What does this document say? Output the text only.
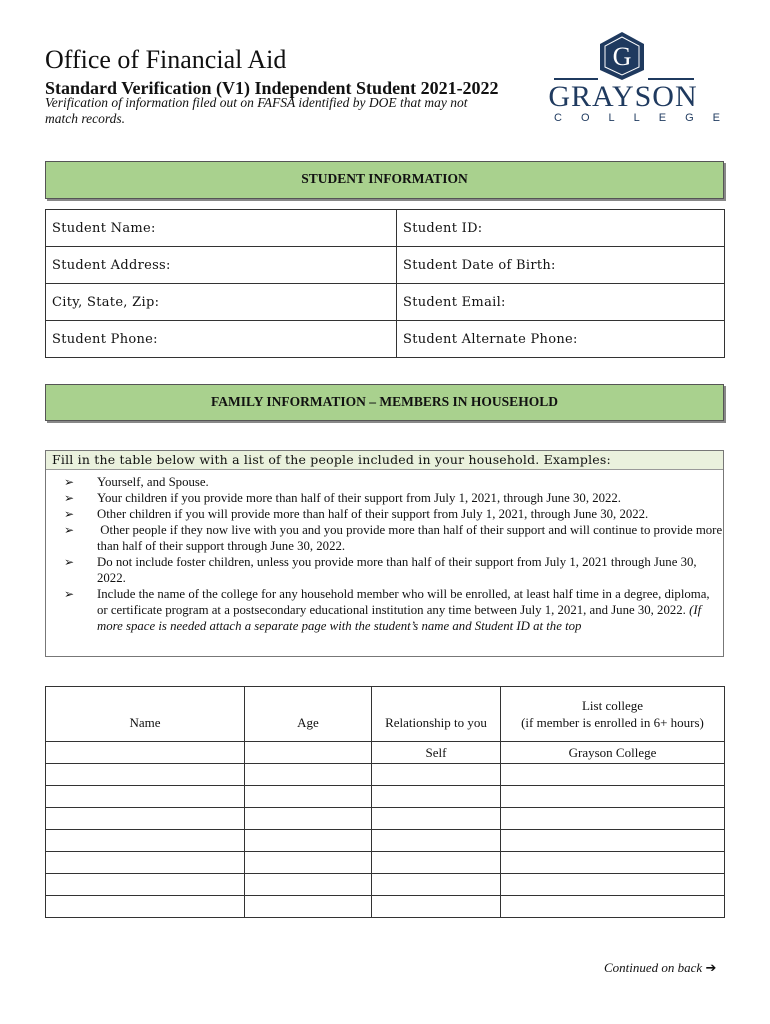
Office of Financial Aid
Standard Verification (V1) Independent Student 2021-2022
Verification of information filed out on FAFSA identified by DOE that may not match records.
G
GRAYSON
COLLEGE
STUDENT INFORMATION
Student Name:	Student ID:
Student Address:	Student Date of Birth:
City, State, Zip:	Student Email:
Student Phone:	Student Alternate Phone:
FAMILY INFORMATION – MEMBERS IN HOUSEHOLD
Fill in the table below with a list of the people included in your household. Examples:
➢ Yourself, and Spouse.
➢ Your children if you provide more than half of their support from July 1, 2021, through June 30, 2022.
➢ Other children if you will provide more than half of their support from July 1, 2021, through June 30, 2022.
➢ Other people if they now live with you and you provide more than half of their support and will continue to provide more than half of their support through June 30, 2022.
➢ Do not include foster children, unless you provide more than half of their support from July 1, 2021 through June 30, 2022.
➢ Include the name of the college for any household member who will be enrolled, at least half time in a degree, diploma, or certificate program at a postsecondary educational institution any time between July 1, 2021, and June 30, 2022. (If more space is needed attach a separate page with the student’s name and Student ID at the top
Name	Age	Relationship to you	List college
(if member is enrolled in 6+ hours)

		Self	Grayson College

Continued on back ➔
